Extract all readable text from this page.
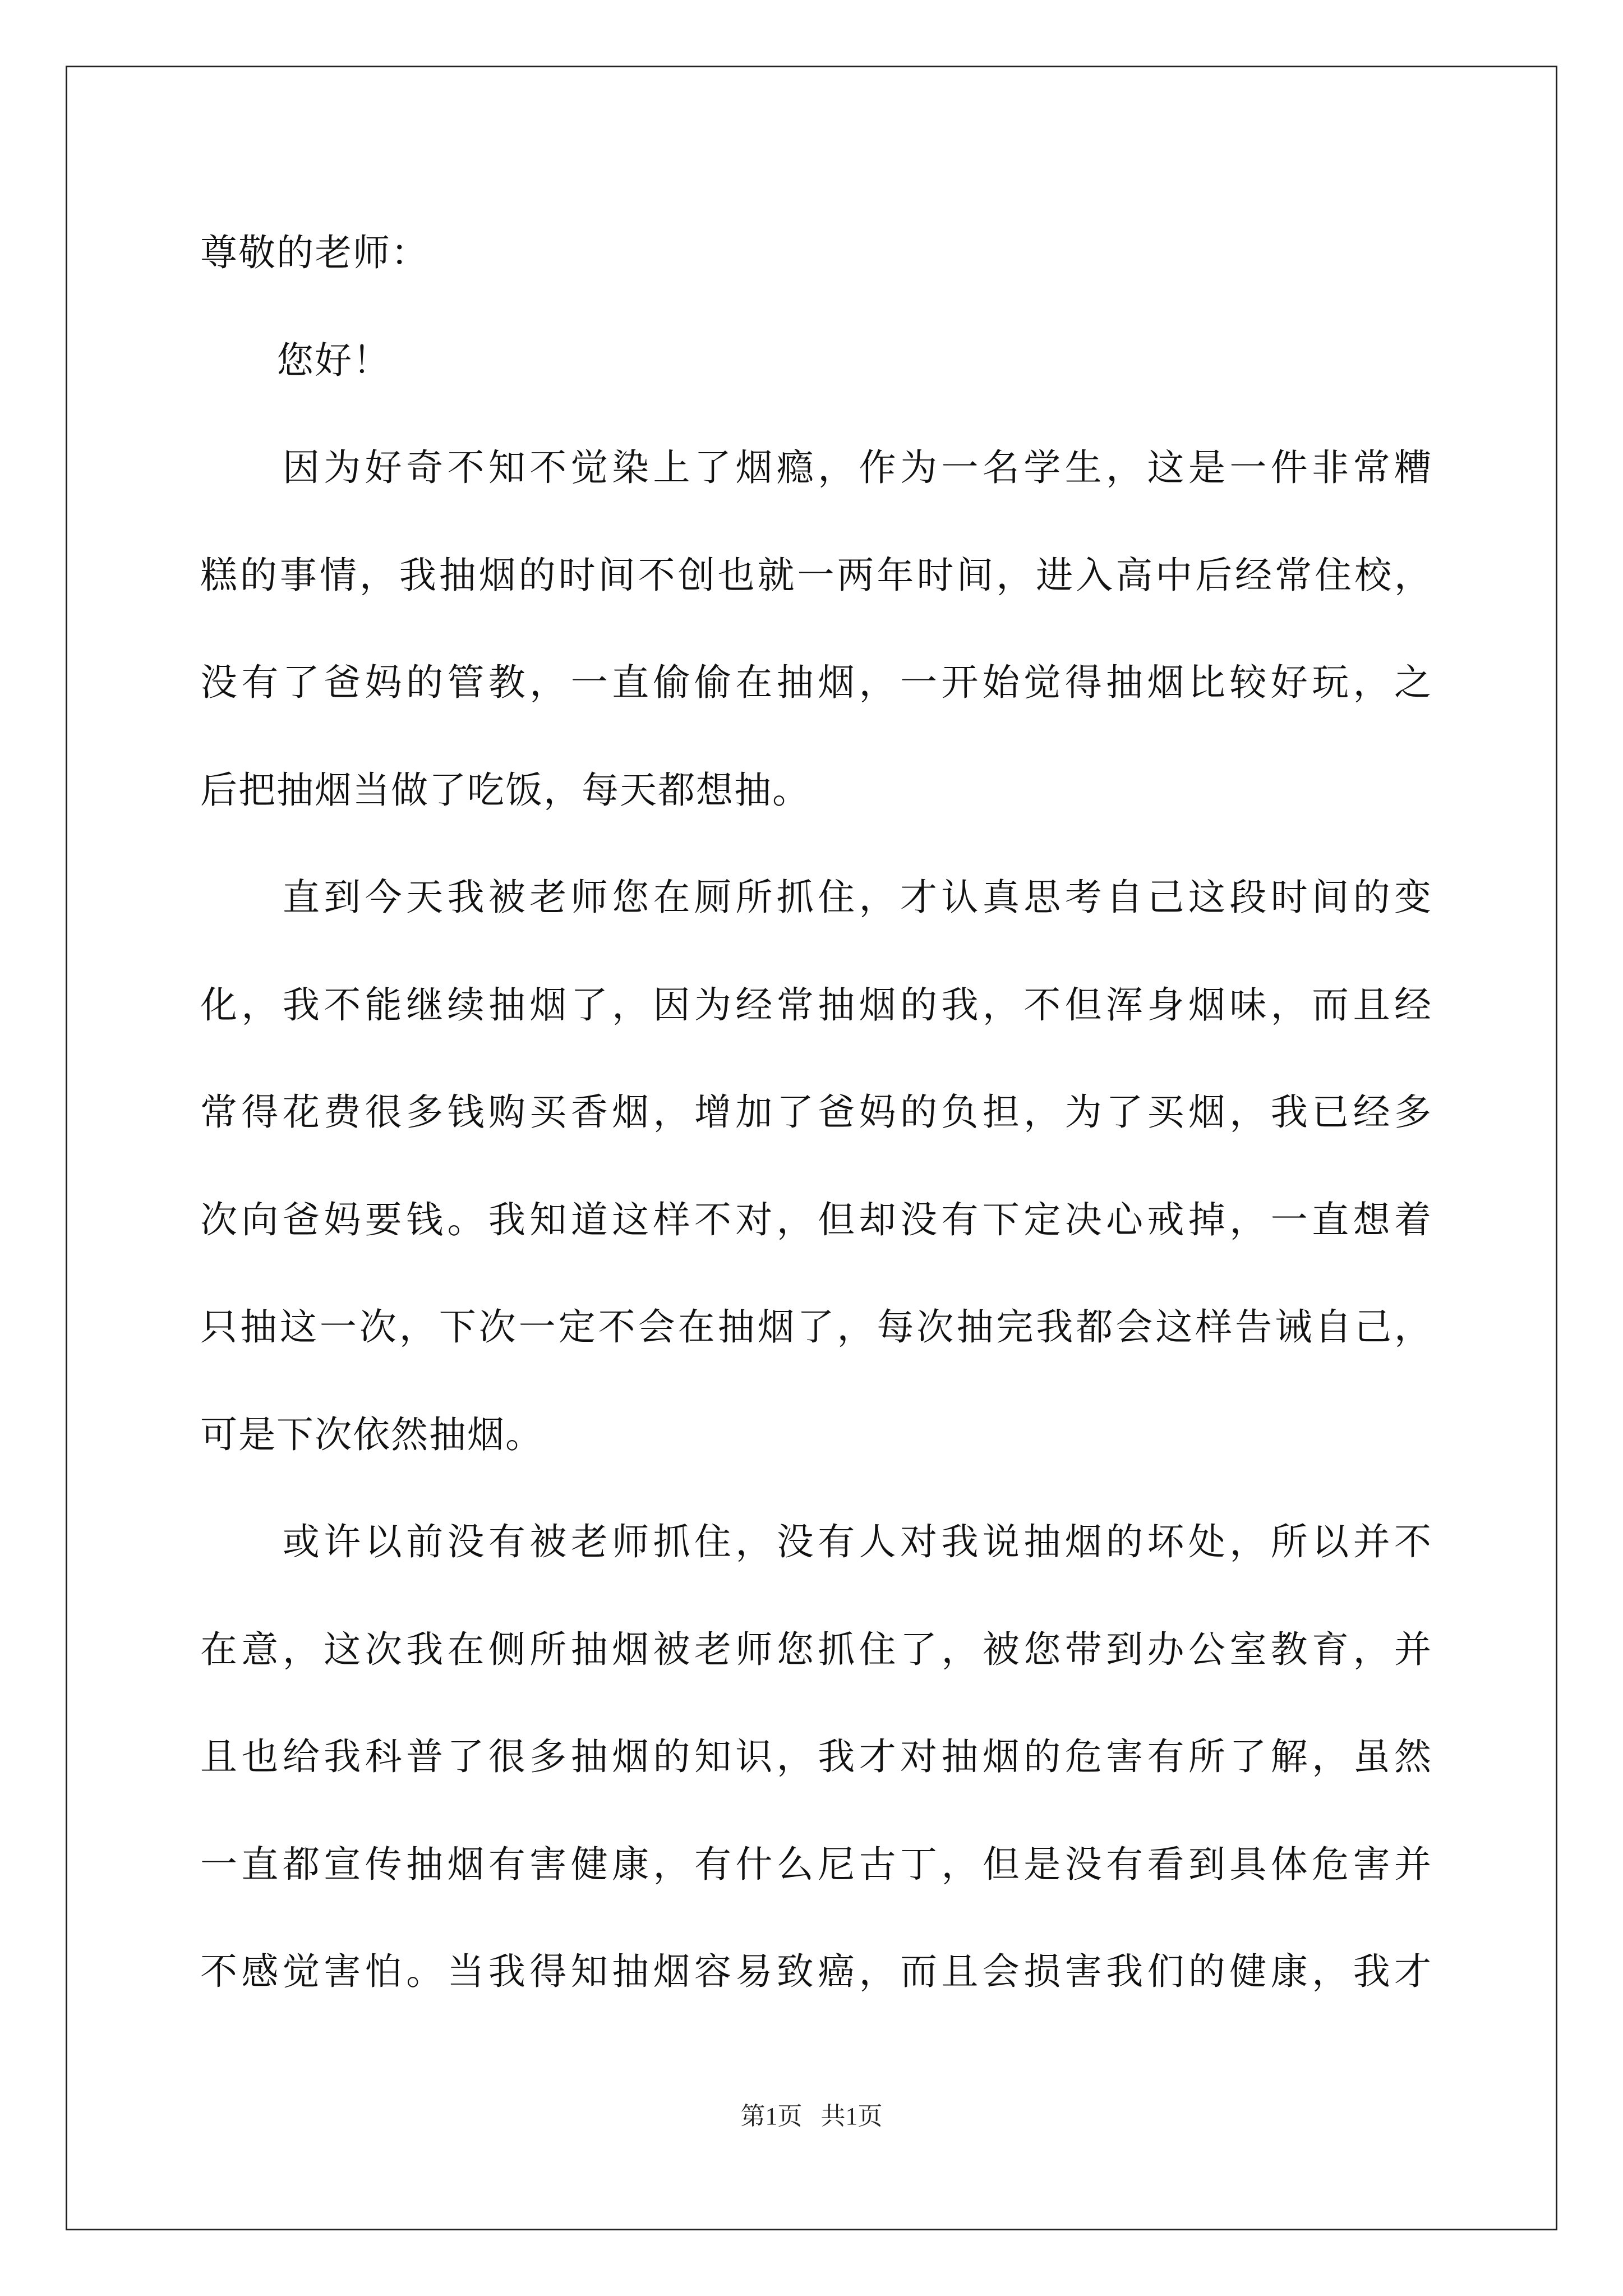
尊敬的老师：
　　您好！
　　因为好奇不知不觉染上了烟瘾，作为一名学生，这是一件非常糟
糕的事情，我抽烟的时间不创也就一两年时间，进入高中后经常住校，
没有了爸妈的管教，一直偷偷在抽烟，一开始觉得抽烟比较好玩，之
后把抽烟当做了吃饭，每天都想抽。
　　直到今天我被老师您在厕所抓住，才认真思考自己这段时间的变
化，我不能继续抽烟了，因为经常抽烟的我，不但浑身烟味，而且经
常得花费很多钱购买香烟，增加了爸妈的负担，为了买烟，我已经多
次向爸妈要钱。我知道这样不对，但却没有下定决心戒掉，一直想着
只抽这一次，下次一定不会在抽烟了，每次抽完我都会这样告诫自己，
可是下次依然抽烟。
　　或许以前没有被老师抓住，没有人对我说抽烟的坏处，所以并不
在意，这次我在侧所抽烟被老师您抓住了，被您带到办公室教育，并
且也给我科普了很多抽烟的知识，我才对抽烟的危害有所了解，虽然
一直都宣传抽烟有害健康，有什么尼古丁，但是没有看到具体危害并
不感觉害怕。当我得知抽烟容易致癌，而且会损害我们的健康，我才
第1页   共1页
